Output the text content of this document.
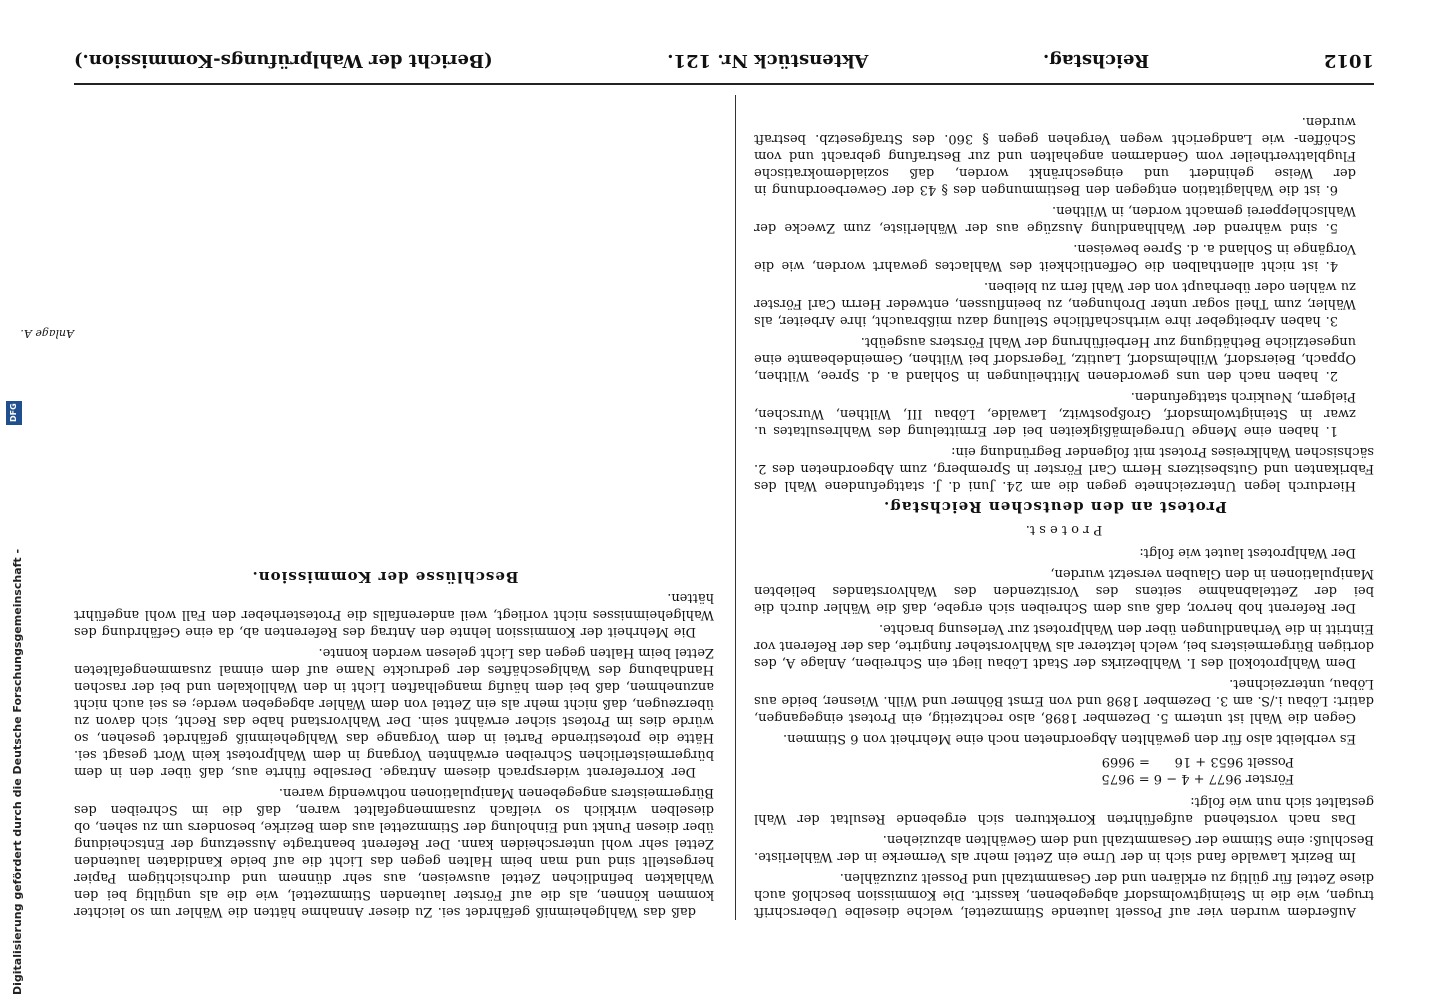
1012
Reichstag.
Aktenstück Nr. 121.
(Bericht der Wahlprüfungs-Kommission.)

Außerdem wurden vier auf Posselt lautende Stimmzettel, welche dieselbe Ueberschrift trugen, wie die in Steinigtwolmsdorf abgegebenen, kassirt. Die Kommission beschloß auch diese Zettel für gültig zu erklären und der Gesammtzahl und Posselt zuzuzählen.

Im Bezirk Lawalde fand sich in der Urne ein Zettel mehr als Vermerke in der Wählerliste. Beschluß: eine Stimme der Gesammtzahl und dem Gewählten abzuziehen.

Das nach vorstehend aufgeführten Korrekturen sich ergebende Resultat der Wahl gestaltet sich nun wie folgt:

Förster 9677 + 4 − 6 = 9675
Posselt 9653 + 16      = 9669

Es verbleibt also für den gewählten Abgeordneten noch eine Mehrheit von 6 Stimmen.

Gegen die Wahl ist unterm 5. Dezember 1898, also rechtzeitig, ein Protest eingegangen, datirt: Löbau i./S. am 3. Dezember 1898 und von Ernst Böhmer und Wilh. Wiesner, beide aus Löbau, unterzeichnet.

Dem Wahlprotokoll des I. Wahlbezirks der Stadt Löbau liegt ein Schreiben, Anlage A, des dortigen Bürgermeisters bei, welch letzterer als Wahlvorsteher fungirte, das der Referent vor Eintritt in die Verhandlungen über den Wahlprotest zur Verlesung brachte.

Der Referent hob hervor, daß aus dem Schreiben sich ergebe, daß die Wähler durch die bei der Zettelabnahme seitens des Vorsitzenden des Wahlvorstandes beliebten Manipulationen in den Glauben versetzt wurden,

Der Wahlprotest lautet wie folgt:

P r o t e s t.

Protest an den deutschen Reichstag.

Hierdurch legen Unterzeichnete gegen die am 24. Juni d. J. stattgefundene Wahl des Fabrikanten und Gutsbesitzers Herrn Carl Förster in Spremberg, zum Abgeordneten des 2. sächsischen Wahlkreises Protest mit folgender Begründung ein:

1. haben eine Menge Unregelmäßigkeiten bei der Ermittelung des Wahlresultates u. zwar in Steinigtwolmsdorf, Großpostwitz, Lawalde, Löbau III, Wilthen, Wurschen, Pielgern, Neukirch stattgefunden.

2. haben nach den uns gewordenen Mittheilungen in Sohland a. d. Spree, Wilthen, Oppach, Beiersdorf, Wilhelmsdorf, Lautitz, Tegersdorf bei Wilthen, Gemeindebeamte eine ungesetzliche Bethätigung zur Herbeiführung der Wahl Försters ausgeübt.

3. haben Arbeitgeber ihre wirthschaftliche Stellung dazu mißbraucht, ihre Arbeiter, als Wähler, zum Theil sogar unter Drohungen, zu beeinflussen, entweder Herrn Carl Förster zu wählen oder überhaupt von der Wahl fern zu bleiben.

4. ist nicht allenthalben die Oeffentlichkeit des Wahlactes gewahrt worden, wie die Vorgänge in Sohland a. d. Spree beweisen.

5. sind während der Wahlhandlung Auszüge aus der Wählerliste, zum Zwecke der Wahlschlepperei gemacht worden, in Wilthen.

6. ist die Wahlagitation entgegen den Bestimmungen des § 43 der Gewerbeordnung in der Weise gehindert und eingeschränkt worden, daß sozialdemokratische Flugblattvertheiler vom Gendarmen angehalten und zur Bestrafung gebracht und vom Schöffen- wie Landgericht wegen Vergehen gegen § 360. des Strafgesetzb. bestraft wurden.

daß das Wahlgeheimniß gefährdet sei. Zu dieser Annahme hätten die Wähler um so leichter kommen können, als die auf Förster lautenden Stimmzettel, wie die als ungültig bei den Wahlakten befindlichen Zettel ausweisen, aus sehr dünnem und durchsichtigem Papier hergestellt sind und man beim Halten gegen das Licht die auf beide Kandidaten lautenden Zettel sehr wohl unterscheiden kann. Der Referent beantragte Aussetzung der Entscheidung über diesen Punkt und Einholung der Stimmzettel aus dem Bezirke, besonders um zu sehen, ob dieselben wirklich so vielfach zusammengefaltet waren, daß die im Schreiben des Bürgermeisters angegebenen Manipulationen nothwendig waren.

Der Korreferent widersprach diesem Antrage. Derselbe führte aus, daß über den in dem bürgermeisterlichen Schreiben erwähnten Vorgang in dem Wahlprotest kein Wort gesagt sei. Hätte die protestirende Partei in dem Vorgange das Wahlgeheimniß gefährdet gesehen, so würde dies im Protest sicher erwähnt sein. Der Wahlvorstand habe das Recht, sich davon zu überzeugen, daß nicht mehr als ein Zettel von dem Wähler abgegeben werde; es sei auch nicht anzunehmen, daß bei dem häufig mangelhaften Licht in den Wahllokalen und bei der raschen Handhabung des Wahlgeschäftes der gedruckte Name auf dem einmal zusammengefalteten Zettel beim Halten gegen das Licht gelesen werden konnte.

Die Mehrheit der Kommission lehnte den Antrag des Referenten ab, da eine Gefährdung des Wahlgeheimnisses nicht vorliegt, weil anderenfalls die Protesterheber den Fall wohl angeführt hätten.

Beschlüsse der Kommission.

Anlage A.
Digitalisierung gefördert durch die Deutsche Forschungsgemeinschaft -
DFG
